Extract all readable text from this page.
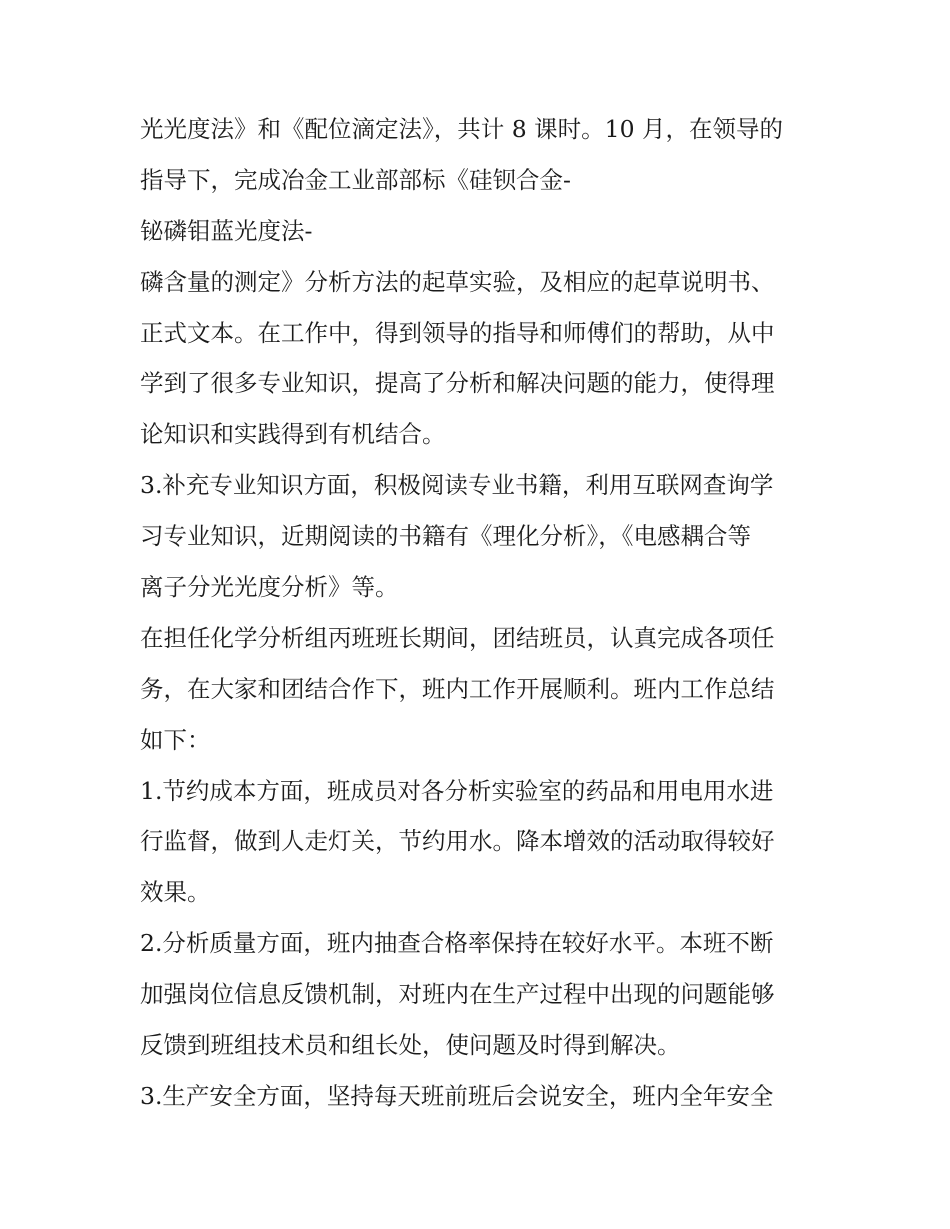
光光度法》和《配位滴定法》，共计 8 课时。10 月，在领导的
指导下，完成冶金工业部部标《硅钡合金-
铋磷钼蓝光度法-
磷含量的测定》分析方法的起草实验，及相应的起草说明书、
正式文本。在工作中，得到领导的指导和师傅们的帮助，从中
学到了很多专业知识，提高了分析和解决问题的能力，使得理
论知识和实践得到有机结合。
3.补充专业知识方面，积极阅读专业书籍，利用互联网查询学
习专业知识，近期阅读的书籍有《理化分析》，《电感耦合等
离子分光光度分析》等。
在担任化学分析组丙班班长期间，团结班员，认真完成各项任
务，在大家和团结合作下，班内工作开展顺利。班内工作总结
如下：
1.节约成本方面，班成员对各分析实验室的药品和用电用水进
行监督，做到人走灯关，节约用水。降本增效的活动取得较好
效果。
2.分析质量方面，班内抽查合格率保持在较好水平。本班不断
加强岗位信息反馈机制，对班内在生产过程中出现的问题能够
反馈到班组技术员和组长处，使问题及时得到解决。
3.生产安全方面，坚持每天班前班后会说安全，班内全年安全
